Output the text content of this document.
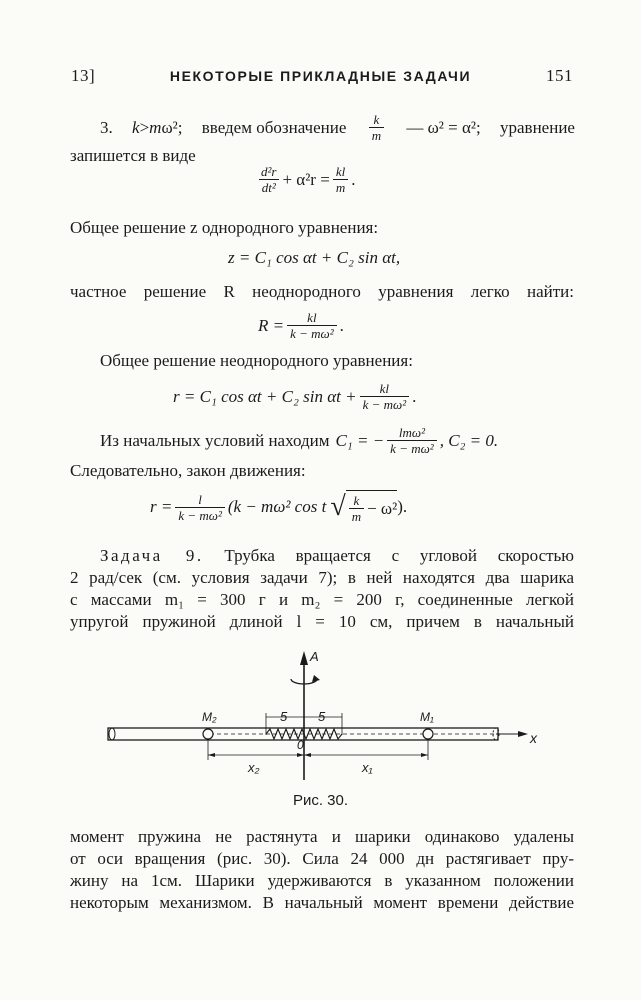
13]	НЕКОТОРЫЕ ПРИКЛАДНЫЕ ЗАДАЧИ	151
3. k>mω²; введем обозначение $\frac{k}{m}$ — ω² = α²; уравнение
запишется в виде
$\frac{\text{d²r}}{\text{dt²}} + \alpha^2r = \frac{kl}{m}$ .
Общее решение z однородного уравнения:
z = C₁ cos αt + C₂ sin αt,
частное решение R неоднородного уравнения легко найти:
$R = \frac{kl}{\text{k − mω²}}$ .
Общее решение неоднородного уравнения:
r = C₁ cos αt + C₂ $\sin \alpha t + \frac{kl}{\text{k − mω²}}$ .
Из начальных условий находим C₁ = − $\frac{\text{lmω²}}{\text{k − mω²}}$ , C₂ = 0.
Следовательно, закон движения:
$r = \frac{l}{\text{k − mω²}} (k - m\omega^2$ cos t √ $\frac{k}{m} - \omega^2$ ).
Задача 9. Трубка вращается с угловой скоростью
2 рад/сек (см. условия задачи 7); в ней находятся два шарика
с массами m₁ = 300 г и m₂ = 200 г, соединенные легкой
упругой пружиной длиной l = 10 см, причем в начальный
A
x
M₂	M₁
5 5
0
x₂	x₁
Рис. 30.
момент пружина не растянута и шарики одинаково удалены
от оси вращения (рис. 30). Сила 24 000 дн растягивает пру-
жину на 1см. Шарики удерживаются в указанном положении
некоторым механизмом. В начальный момент времени действие
